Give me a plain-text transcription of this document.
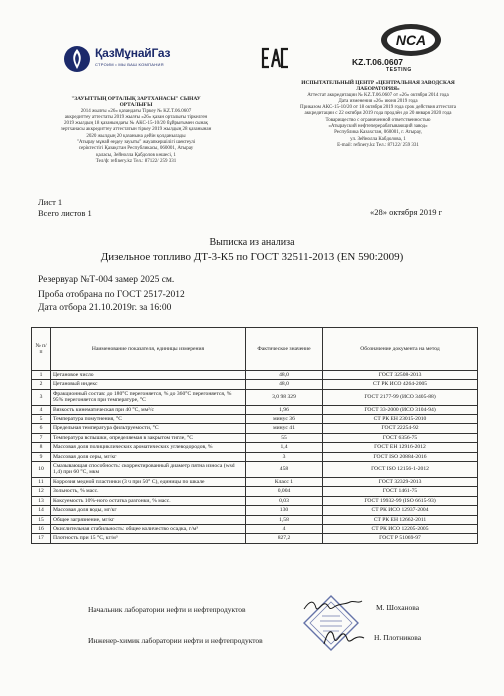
ҚазМұнайГаз
СТРОИМ • МЫ ВАШ КОМПАНИЯ
NCA
KZ.T.06.0607
TESTING
"ЗАУЫТТЫҢ ОРТАЛЫҚ ЗАРТХАНАСЫ" СЫНАУ
ОРТАЛЫҒЫ
2014 жылғы «26» қазандағы Тіркеу № KZ.T.06.0607
аккредиттеу аттестаты 2019 жылғы «26» қазан орталығы тіркелген
2019 жылдың 18 қазанындағы № АКС-15-10/20 бұйрығымен сынақ
зертханасы аккредиттеу аттестатын тіркеу 2019 жылдың 28 қазанынан
2020 жылдың 20 қазанына дейін қолданылады
"Атырау мұнай өңдеу зауыты" жауапкершілігі шектеулі
серіктестігі Қазақстан Республикасы, 060001, Атырау
қаласы, Зейнолла Қабдолов көшесі, 1
Тел/ф: refinery.kz Тел.: 87122/ 259 331
ИСПЫТАТЕЛЬНЫЙ ЦЕНТР «ЦЕНТРАЛЬНАЯ ЗАВОДСКАЯ
ЛАБОРАТОРИЯ»
Аттестат аккредитации № KZ.T.06.0607 от «26» октября 2014 года
Дата изменения «26» июня 2019 года
Приказом АКС-15-10/20 от 18 октября 2019 года срок действия аттестата
аккредитации с 22 октября 2019 года продлён до 20 января 2020 года
Товарищество с ограниченной ответственностью
«Атырауский нефтеперерабатывающий завод»
Республика Казахстан, 060001, г. Атырау,
ул. Зейнолла Кабдолова, 1
E-mail: refinery.kz Тел.: 87122/ 259 331
Лист 1
Всего листов 1	«28» октября 2019 г
Выписка из анализа
Дизельное топливо ДТ-3-К5 по ГОСТ 32511-2013 (EN 590:2009)
Резервуар №Т-004 замер 2025 см.
Проба отобрана по ГОСТ 2517-2012
Дата отбора 21.10.2019г. за 16:00
№ п/п	Наименование показателя, единицы измерения	Фактическое значение	Обозначение документа на метод
1	Цетановое число	48,0	ГОСТ 32508-2013
2	Цетановый индекс	48,0	СТ РК ИСО 4264-2005
3	Фракционный состав: до 180°С перегоняется, % до 360°С перегоняется, % 95% перегоняется при температуре, °С	3,0 98 329	ГОСТ 2177-99 (ИСО 3405-88)
4	Вязкость кинематическая при 40 °С, мм²/с	1,96	ГОСТ 33-2000 (ИСО 3104-94)
5	Температура помутнения, °С	минус 36	СТ РК ЕН 23015-2010
6	Предельная температура фильтруемости, °С	минус 41	ГОСТ 22254-92
7	Температура вспышки, определяемая в закрытом тигле, °С	55	ГОСТ 6356-75
8	Массовая доля полициклических ароматических углеводородов, %	1,4	ГОСТ ЕН 12916-2012
9	Массовая доля серы, мг/кг	3	ГОСТ ISO 20884-2016
10	Смазывающая способность: скорректированный диаметр пятна износа (wsd 1,4) при 60 °С, мкм	458	ГОСТ ISO 12156-1-2012
11	Коррозия медной пластинки (3 ч при 50° С), единицы по шкале	Класс 1	ГОСТ 32329-2013
12	Зольность, % масс.	0,004	ГОСТ 1461-75
13	Коксуемость 10%-ного остатка разгонки, % масс.	0,03	ГОСТ 19932-99 (ISO 6615-93)
14	Массовая доля воды, мг/кг	130	СТ РК ИСО 12937-2004
15	Общее загрязнение, мг/кг	1,58	СТ РК ЕН 12662-2011
16	Окислительная стабильность: общее количество осадка, г/м³	4	СТ РК ИСО 12205-2005
17	Плотность при 15 °С, кг/м³	827,2	ГОСТ Р 51069-97
Начальник лаборатории нефти и нефтепродуктов	М. Шоханова
Инженер-химик лаборатории нефти и нефтепродуктов	Н. Плотникова
